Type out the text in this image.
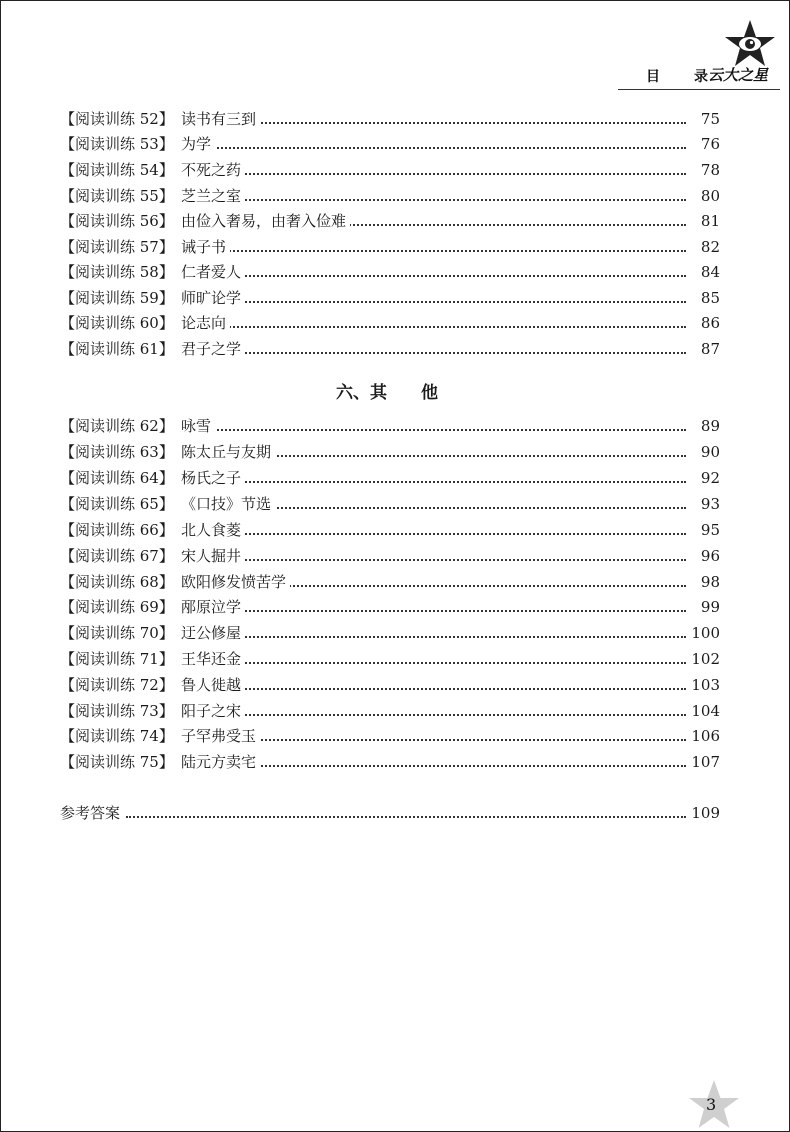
目 录 云大之星
【阅读训练 52】 读书有三到	75
【阅读训练 53】 为学	76
【阅读训练 54】 不死之药	78
【阅读训练 55】 芝兰之室	80
【阅读训练 56】 由俭入奢易，由奢入俭难	81
【阅读训练 57】 诫子书	82
【阅读训练 58】 仁者爱人	84
【阅读训练 59】 师旷论学	85
【阅读训练 60】 论志向	86
【阅读训练 61】 君子之学	87
六、其　　他
【阅读训练 62】 咏雪	89
【阅读训练 63】 陈太丘与友期	90
【阅读训练 64】 杨氏之子	92
【阅读训练 65】 《口技》节选	93
【阅读训练 66】 北人食菱	95
【阅读训练 67】 宋人掘井	96
【阅读训练 68】 欧阳修发愤苦学	98
【阅读训练 69】 邴原泣学	99
【阅读训练 70】 迂公修屋	100
【阅读训练 71】 王华还金	102
【阅读训练 72】 鲁人徙越	103
【阅读训练 73】 阳子之宋	104
【阅读训练 74】 子罕弗受玉	106
【阅读训练 75】 陆元方卖宅	107
参考答案	109
3
